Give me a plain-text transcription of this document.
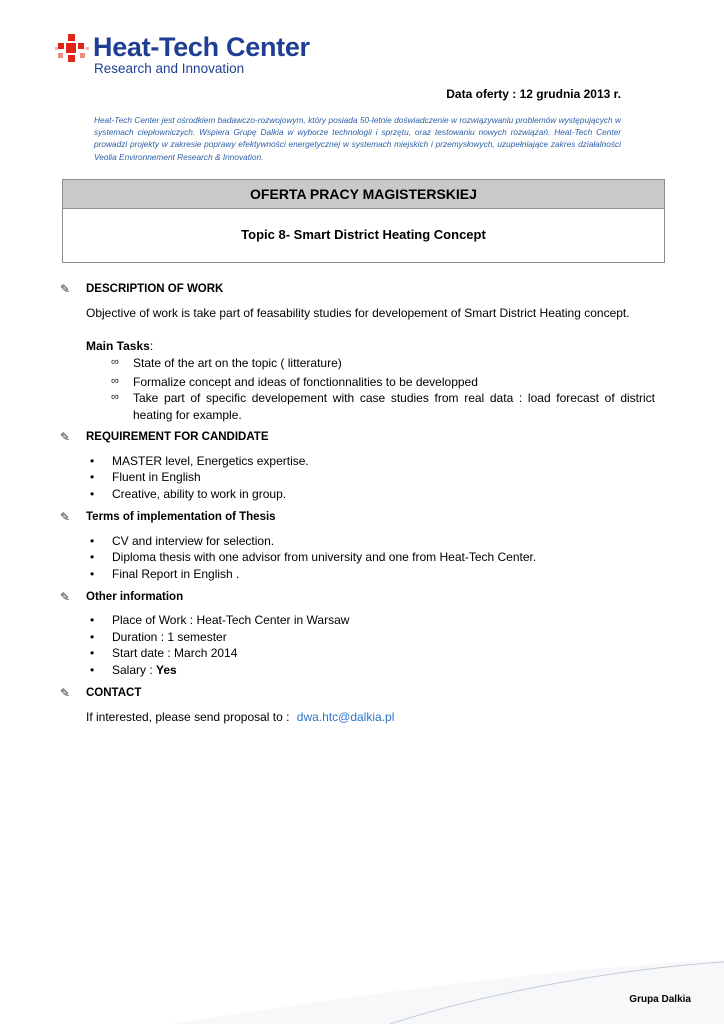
Heat-Tech Center
Research and Innovation
Data oferty : 12 grudnia 2013 r.
Heat-Tech Center jest ośrodkiem badawczo-rozwojowym, który posiada 50-letnie doświadczenie w rozwiązywaniu problemów występujących w systemach ciepłowniczych. Wspiera Grupę Dalkia w wyborze technologii i sprzętu, oraz testowaniu nowych rozwiązań. Heat-Tech Center prowadzi projekty w zakresie poprawy efektywności energetycznej w systemach miejskich i przemysłowych, uzupełniające zakres działalności Veolia Environnement Research & Innovation.
OFERTA PRACY MAGISTERSKIEJ
Topic 8- Smart District Heating Concept
✎ DESCRIPTION OF WORK
Objective of work is take part of feasability studies for developement of Smart District Heating concept.
Main Tasks:
∞ State of the art on the topic ( litterature)
∞ Formalize concept and ideas of fonctionnalities to be developped
∞ Take part of specific developement with case studies from real data : load forecast of district heating for example.
✎ REQUIREMENT FOR CANDIDATE
• MASTER level, Energetics expertise.
• Fluent in English
• Creative, ability to work in group.
✎ Terms of implementation of Thesis
• CV and interview for selection.
• Diploma thesis with one advisor from university and one from Heat-Tech Center.
• Final Report in English .
✎ Other information
• Place of Work : Heat-Tech Center in Warsaw
• Duration : 1 semester
• Start date : March 2014
• Salary : Yes
✎ CONTACT
If interested, please send proposal to : dwa.htc@dalkia.pl
Grupa Dalkia
